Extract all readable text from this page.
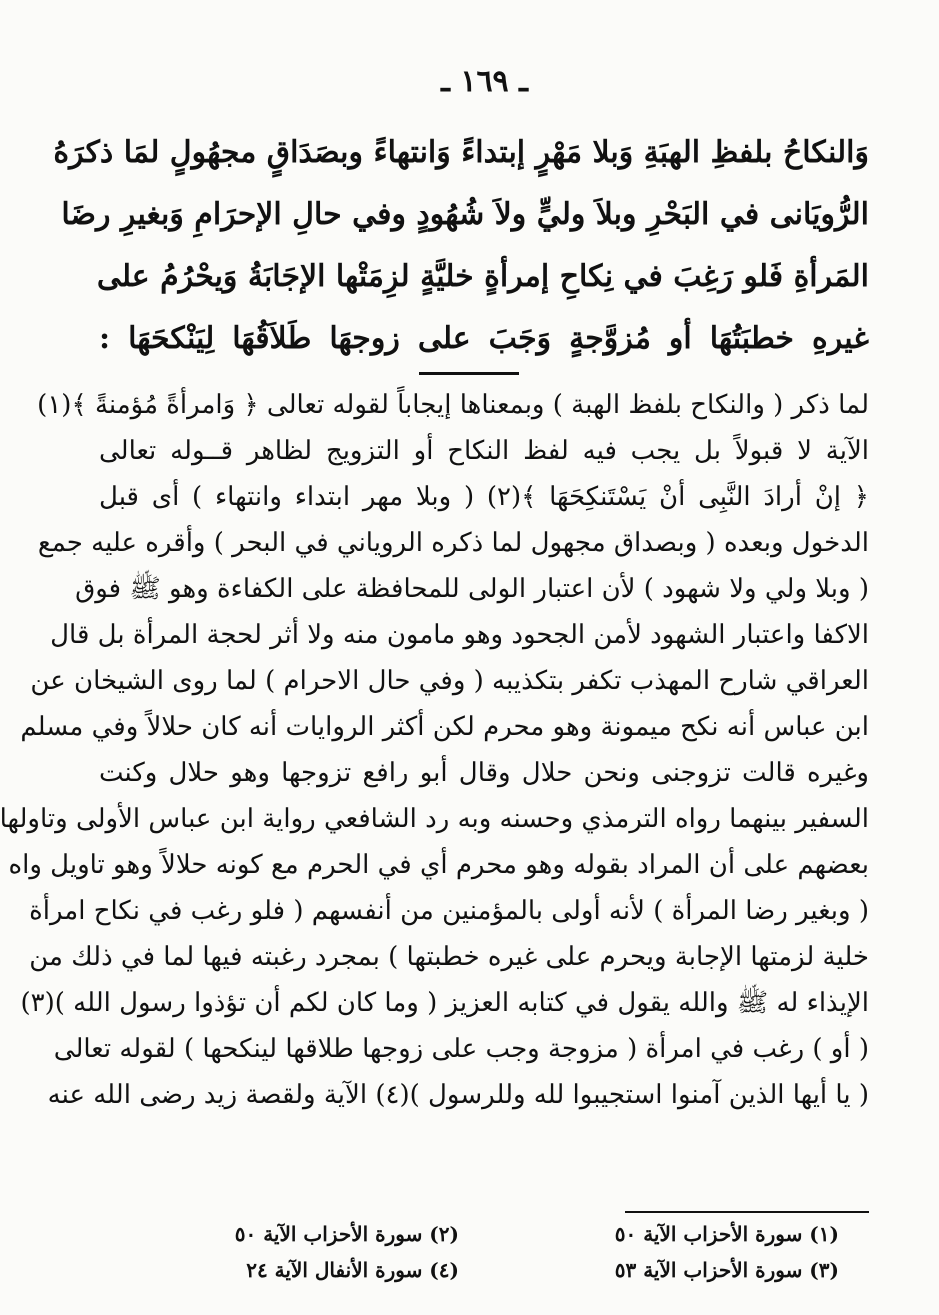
ـ ١٦٩ ـ
وَالنكاحُ بلفظِ الهبَةِ وَبلا مَهْرٍ إبتداءً وَانتهاءً وبصَدَاقٍ مجهُولٍ لمَا ذكرَهُ
الرُّويَانى في البَحْرِ وبلاَ وليٍّ ولاَ شُهُودٍ وفي حالِ الإحرَامِ وَبغيرِ رضَا
المَرأةِ فَلو رَغِبَ في نِكاحِ إمرأةٍ خليَّةٍ لزِمَتْها الإجَابَةُ وَيحْرُمُ على
غيرهِ خطبَتُهَا أو مُزوَّجةٍ وَجَبَ على زوجهَا طَلاَقُهَا لِيَنْكحَهَا :
لما ذكر ( والنكاح بلفظ الهبة ) وبمعناها إيجاباً لقوله تعالى ﴿ وَامرأةً مُؤمنةً ﴾(١)
الآية لا قبولاً بل يجب فيه لفظ النكاح أو التزويج لظاهر قــوله تعالى
﴿ إنْ أرادَ النَّبِى أنْ يَسْتَنكِحَهَا ﴾(٢) ( وبلا مهر ابتداء وانتهاء ) أى قبل
الدخول وبعده ( وبصداق مجهول لما ذكره الروياني في البحر ) وأقره عليه جمع
( وبلا ولي ولا شهود ) لأن اعتبار الولى للمحافظة على الكفاءة وهو ﷺ فوق
الاكفا واعتبار الشهود لأمن الجحود وهو مامون منه ولا أثر لحجة المرأة بل قال
العراقي شارح المهذب تكفر بتكذيبه ( وفي حال الاحرام ) لما روى الشيخان عن
ابن عباس أنه نكح ميمونة وهو محرم لكن أكثر الروايات أنه كان حلالاً وفي مسلم
وغيره قالت تزوجنى ونحن حلال وقال أبو رافع تزوجها وهو حلال وكنت
السفير بينهما رواه الترمذي وحسنه وبه رد الشافعي رواية ابن عباس الأولى وتاولها
بعضهم على أن المراد بقوله وهو محرم أي في الحرم مع كونه حلالاً وهو تاويل واه
( وبغير رضا المرأة ) لأنه أولى بالمؤمنين من أنفسهم ( فلو رغب في نكاح امرأة
خلية لزمتها الإجابة ويحرم على غيره خطبتها ) بمجرد رغبته فيها لما في ذلك من
الإيذاء له ﷺ والله يقول في كتابه العزيز ( وما كان لكم أن تؤذوا رسول الله )(٣)
( أو ) رغب في امرأة ( مزوجة وجب على زوجها طلاقها لينكحها ) لقوله تعالى
( يا أيها الذين آمنوا استجيبوا لله وللرسول )(٤) الآية ولقصة زيد رضى الله عنه
(١) سورة الأحزاب الآية ٥٠
(٢) سورة الأحزاب الآية ٥٠
(٣) سورة الأحزاب الآية ٥٣
(٤) سورة الأنفال الآية ٢٤
